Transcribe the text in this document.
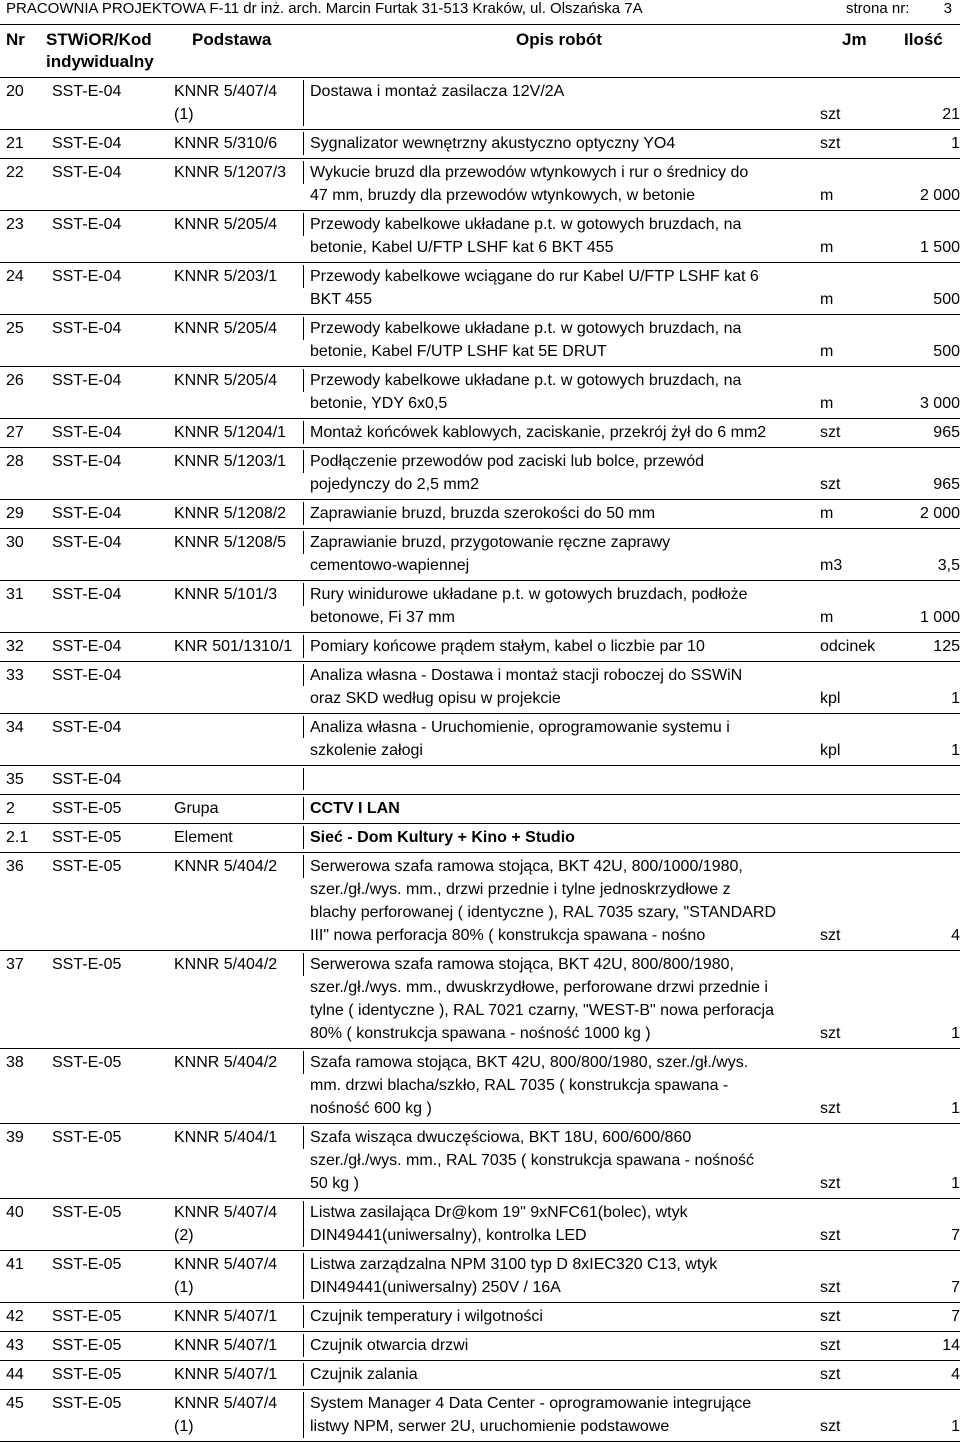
PRACOWNIA PROJEKTOWA F-11 dr inż. arch. Marcin Furtak 31-513 Kraków, ul. Olszańska 7A	strona nr: 3
Nr STWiOR/Kod
indywidualny
Podstawa	Opis robót	Jm Ilość
20	SST-E-04	KNNR 5/407/4
(1)	Dostawa i montaż zasilacza 12V/2A	szt	21

21	SST-E-04	KNNR 5/310/6	Sygnalizator wewnętrzny akustyczno optyczny YO4	szt	1

22	SST-E-04	KNNR 5/1207/3	Wykucie bruzd dla przewodów wtynkowych i rur o średnicy do
47 mm, bruzdy dla przewodów wtynkowych, w betonie	m	2 000

23	SST-E-04	KNNR 5/205/4	Przewody kabelkowe układane p.t. w gotowych bruzdach, na
betonie, Kabel U/FTP LSHF kat 6 BKT 455	m	1 500

24	SST-E-04	KNNR 5/203/1	Przewody kabelkowe wciągane do rur Kabel U/FTP LSHF kat 6
BKT 455	m	500

25	SST-E-04	KNNR 5/205/4	Przewody kabelkowe układane p.t. w gotowych bruzdach, na
betonie, Kabel F/UTP LSHF kat 5E DRUT	m	500

26	SST-E-04	KNNR 5/205/4	Przewody kabelkowe układane p.t. w gotowych bruzdach, na
betonie, YDY 6x0,5	m	3 000

27	SST-E-04	KNNR 5/1204/1	Montaż końcówek kablowych, zaciskanie, przekrój żył do 6 mm2	szt	965

28	SST-E-04	KNNR 5/1203/1	Podłączenie przewodów pod zaciski lub bolce, przewód
pojedynczy do 2,5 mm2	szt	965

29	SST-E-04	KNNR 5/1208/2	Zaprawianie bruzd, bruzda szerokości do 50 mm	m	2 000

30	SST-E-04	KNNR 5/1208/5	Zaprawianie bruzd, przygotowanie ręczne zaprawy
cementowo-wapiennej	m3	3,5

31	SST-E-04	KNNR 5/101/3	Rury winidurowe układane p.t. w gotowych bruzdach, podłoże
betonowe, Fi 37 mm	m	1 000

32	SST-E-04	KNR 501/1310/1	Pomiary końcowe prądem stałym, kabel o liczbie par 10	odcinek	125

33	SST-E-04		Analiza własna - Dostawa i montaż stacji roboczej do SSWiN
oraz SKD według opisu w projekcie	kpl	1

34	SST-E-04		Analiza własna - Uruchomienie, oprogramowanie systemu i
szkolenie załogi	kpl	1

35	SST-E-04				

2	SST-E-05	Grupa	CCTV I LAN		

2.1	SST-E-05	Element	Sieć - Dom Kultury + Kino + Studio		

36	SST-E-05	KNNR 5/404/2	Serwerowa szafa ramowa stojąca, BKT 42U, 800/1000/1980,
szer./gł./wys. mm., drzwi przednie i tylne jednoskrzydłowe z
blachy perforowanej ( identyczne ), RAL 7035 szary, "STANDARD
III" nowa perforacja 80% ( konstrukcja spawana - nośno	szt	4

37	SST-E-05	KNNR 5/404/2	Serwerowa szafa ramowa stojąca, BKT 42U, 800/800/1980,
szer./gł./wys. mm., dwuskrzydłowe, perforowane drzwi przednie i
tylne ( identyczne ), RAL 7021 czarny, "WEST-B" nowa perforacja
80% ( konstrukcja spawana - nośność 1000 kg )	szt	1

38	SST-E-05	KNNR 5/404/2	Szafa ramowa stojąca, BKT 42U, 800/800/1980, szer./gł./wys.
mm. drzwi blacha/szkło, RAL 7035 ( konstrukcja spawana -
nośność 600 kg )	szt	1

39	SST-E-05	KNNR 5/404/1	Szafa wisząca dwuczęściowa, BKT 18U, 600/600/860
szer./gł./wys. mm., RAL 7035 ( konstrukcja spawana - nośność
50 kg )	szt	1

40	SST-E-05	KNNR 5/407/4
(2)	Listwa zasilająca Dr@kom 19" 9xNFC61(bolec), wtyk
DIN49441(uniwersalny), kontrolka LED	szt	7

41	SST-E-05	KNNR 5/407/4
(1)	Listwa zarządzalna NPM 3100 typ D 8xIEC320 C13, wtyk
DIN49441(uniwersalny) 250V / 16A	szt	7

42	SST-E-05	KNNR 5/407/1	Czujnik temperatury i wilgotności	szt	7

43	SST-E-05	KNNR 5/407/1	Czujnik otwarcia drzwi	szt	14

44	SST-E-05	KNNR 5/407/1	Czujnik zalania	szt	4

45	SST-E-05	KNNR 5/407/4
(1)	System Manager 4 Data Center - oprogramowanie integrujące
listwy NPM, serwer 2U, uruchomienie podstawowe	szt	1
